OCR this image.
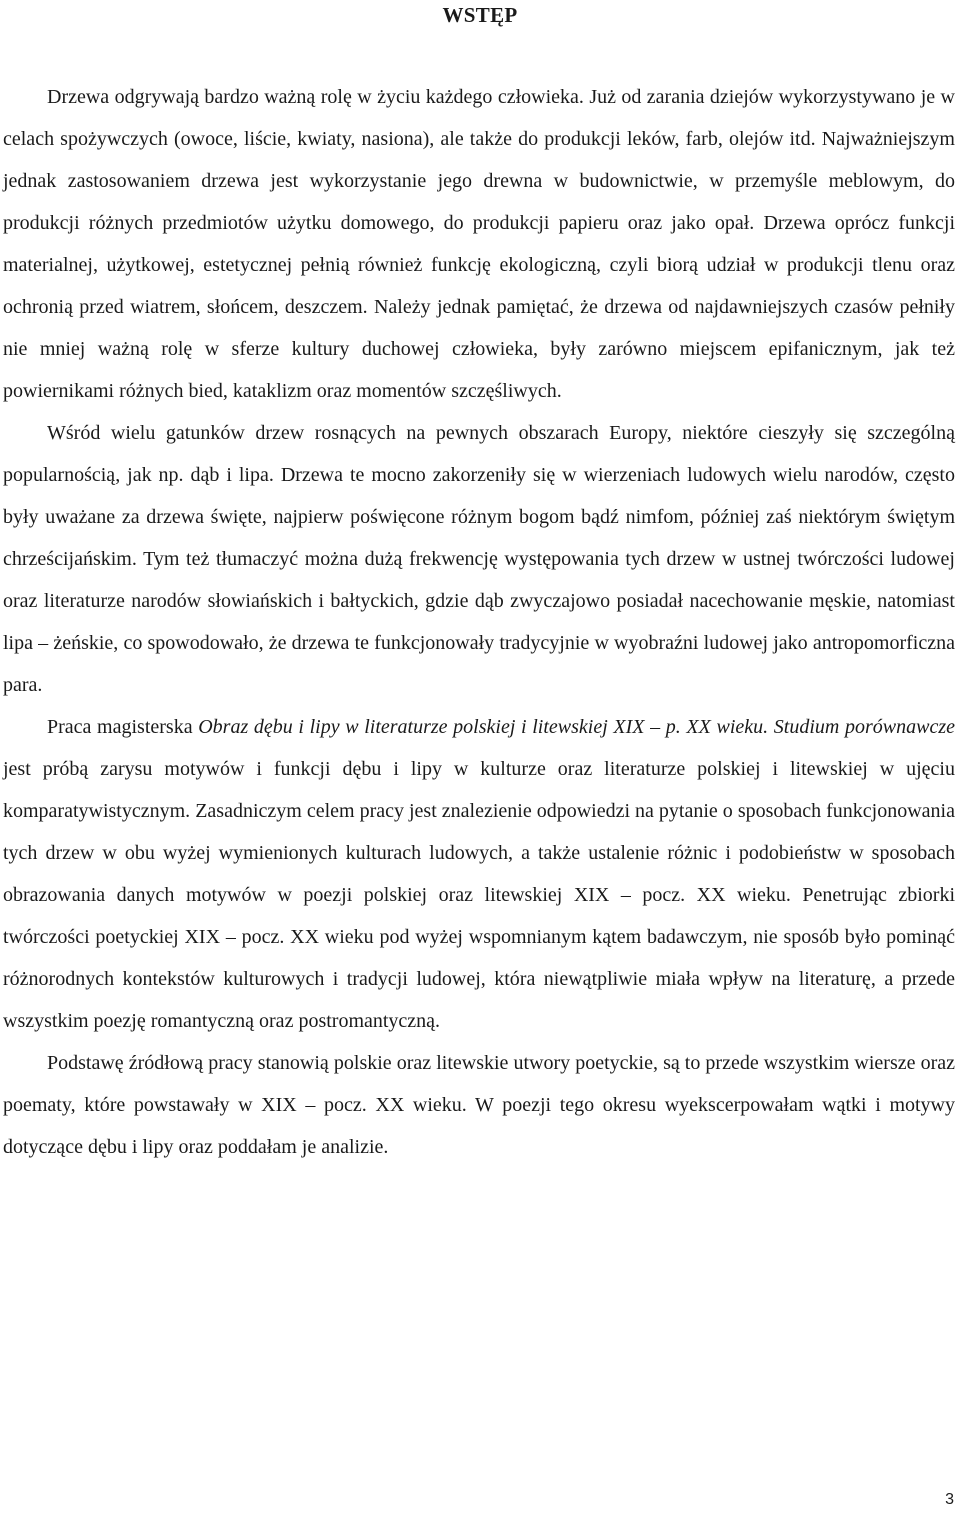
WSTĘP

Drzewa odgrywają bardzo ważną rolę w życiu każdego człowieka. Już od zarania dziejów wykorzystywano je w celach spożywczych (owoce, liście, kwiaty, nasiona), ale także do produkcji leków, farb, olejów itd. Najważniejszym jednak zastosowaniem drzewa jest wykorzystanie jego drewna w budownictwie, w przemyśle meblowym, do produkcji różnych przedmiotów użytku domowego, do produkcji papieru oraz jako opał. Drzewa oprócz funkcji materialnej, użytkowej, estetycznej pełnią również funkcję ekologiczną, czyli biorą udział w produkcji tlenu oraz ochronią przed wiatrem, słońcem, deszczem. Należy jednak pamiętać, że drzewa od najdawniejszych czasów pełniły nie mniej ważną rolę w sferze kultury duchowej człowieka, były zarówno miejscem epifanicznym, jak też powiernikami różnych bied, kataklizm oraz momentów szczęśliwych.

Wśród wielu gatunków drzew rosnących na pewnych obszarach Europy, niektóre cieszyły się szczególną popularnością, jak np. dąb i lipa. Drzewa te mocno zakorzeniły się w wierzeniach ludowych wielu narodów, często były uważane za drzewa święte, najpierw poświęcone różnym bogom bądź nimfom, później zaś niektórym świętym chrześcijańskim. Tym też tłumaczyć można dużą frekwencję występowania tych drzew w ustnej twórczości ludowej oraz literaturze narodów słowiańskich i bałtyckich, gdzie dąb zwyczajowo posiadał nacechowanie męskie, natomiast lipa – żeńskie, co spowodowało, że drzewa te funkcjonowały tradycyjnie w wyobraźni ludowej jako antropomorficzna para.

Praca magisterska Obraz dębu i lipy w literaturze polskiej i litewskiej XIX – p. XX wieku. Studium porównawcze jest próbą zarysu motywów i funkcji dębu i lipy w kulturze oraz literaturze polskiej i litewskiej w ujęciu komparatywistycznym. Zasadniczym celem pracy jest znalezienie odpowiedzi na pytanie o sposobach funkcjonowania tych drzew w obu wyżej wymienionych kulturach ludowych, a także ustalenie różnic i podobieństw w sposobach obrazowania danych motywów w poezji polskiej oraz litewskiej XIX – pocz. XX wieku. Penetrując zbiorki twórczości poetyckiej XIX – pocz. XX wieku pod wyżej wspomnianym kątem badawczym, nie sposób było pominąć różnorodnych kontekstów kulturowych i tradycji ludowej, która niewątpliwie miała wpływ na literaturę, a przede wszystkim poezję romantyczną oraz postromantyczną.

Podstawę źródłową pracy stanowią polskie oraz litewskie utwory poetyckie, są to przede wszystkim wiersze oraz poematy, które powstawały w XIX – pocz. XX wieku. W poezji tego okresu wyekscerpowałam wątki i motywy dotyczące dębu i lipy oraz poddałam je analizie.

3
